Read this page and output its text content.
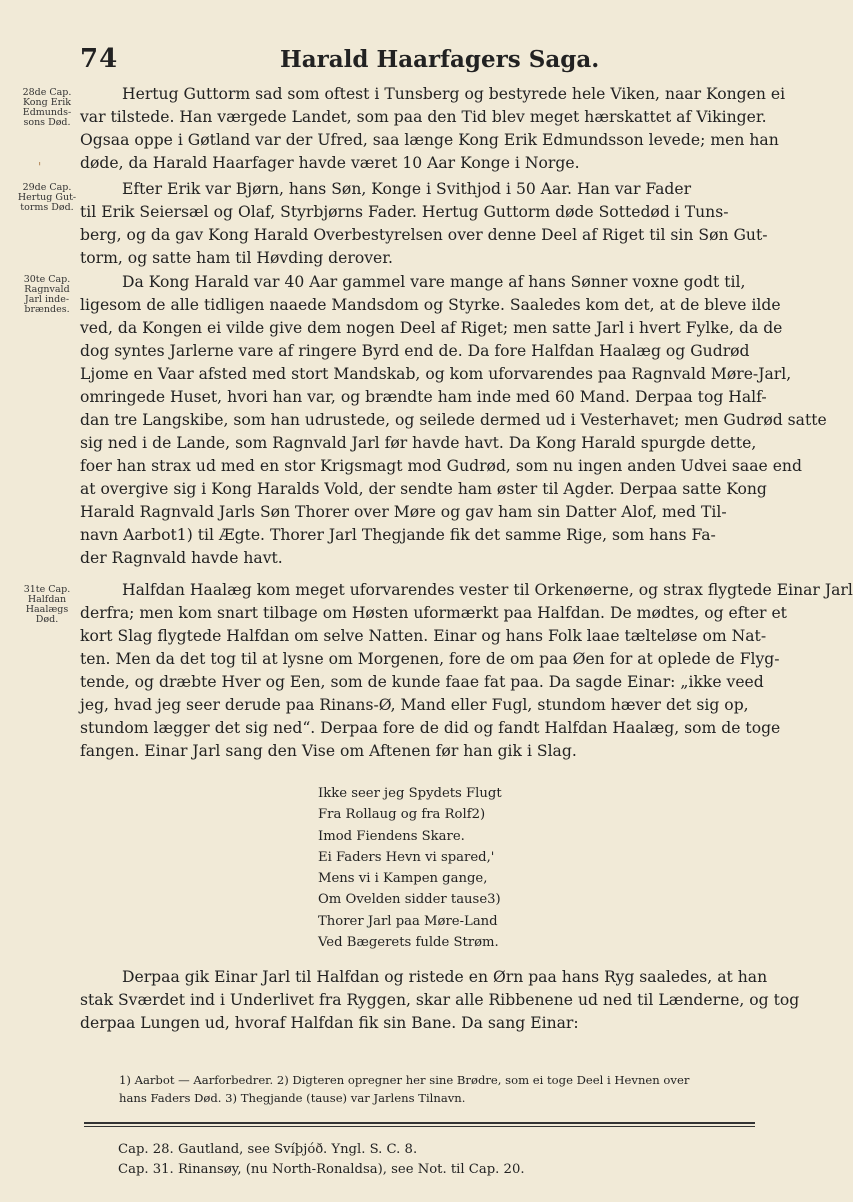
74	Harald Haarfagers Saga.
'
28de Cap.
Kong Erik
Edmunds-
sons Død.
29de Cap.
Hertug Gut-
torms Død.
30te Cap.
Ragnvald
Jarl inde-
brændes.
31te Cap.
Halfdan
Haalægs
Død.
Hertug Guttorm sad som oftest i Tunsberg og bestyrede hele Viken, naar Kongen ei
var tilstede. Han værgede Landet, som paa den Tid blev meget hærskattet af Vikinger.
Ogsaa oppe i Gøtland var der Ufred, saa længe Kong Erik Edmundsson levede; men han
døde, da Harald Haarfager havde været 10 Aar Konge i Norge.
Efter Erik var Bjørn, hans Søn, Konge i Svithjod i 50 Aar. Han var Fader
til Erik Seiersæl og Olaf, Styrbjørns Fader. Hertug Guttorm døde Sottedød i Tuns-
berg, og da gav Kong Harald Overbestyrelsen over denne Deel af Riget til sin Søn Gut-
torm, og satte ham til Høvding derover.
Da Kong Harald var 40 Aar gammel vare mange af hans Sønner voxne godt til,
ligesom de alle tidligen naaede Mandsdom og Styrke. Saaledes kom det, at de bleve ilde
ved, da Kongen ei vilde give dem nogen Deel af Riget; men satte Jarl i hvert Fylke, da de
dog syntes Jarlerne vare af ringere Byrd end de. Da fore Halfdan Haalæg og Gudrød
Ljome en Vaar afsted med stort Mandskab, og kom uforvarendes paa Ragnvald Møre-Jarl,
omringede Huset, hvori han var, og brændte ham inde med 60 Mand. Derpaa tog Half-
dan tre Langskibe, som han udrustede, og seilede dermed ud i Vesterhavet; men Gudrød satte
sig ned i de Lande, som Ragnvald Jarl før havde havt. Da Kong Harald spurgde dette,
foer han strax ud med en stor Krigsmagt mod Gudrød, som nu ingen anden Udvei saae end
at overgive sig i Kong Haralds Vold, der sendte ham øster til Agder. Derpaa satte Kong
Harald Ragnvald Jarls Søn Thorer over Møre og gav ham sin Datter Alof, med Til-
navn Aarbot1) til Ægte. Thorer Jarl Thegjande fik det samme Rige, som hans Fa-
der Ragnvald havde havt.
Halfdan Haalæg kom meget uforvarendes vester til Orkenøerne, og strax flygtede Einar Jarl
derfra; men kom snart tilbage om Høsten uformærkt paa Halfdan. De mødtes, og efter et
kort Slag flygtede Halfdan om selve Natten. Einar og hans Folk laae tælteløse om Nat-
ten. Men da det tog til at lysne om Morgenen, fore de om paa Øen for at oplede de Flyg-
tende, og dræbte Hver og Een, som de kunde faae fat paa. Da sagde Einar: „ikke veed
jeg, hvad jeg seer derude paa Rinans-Ø, Mand eller Fugl, stundom hæver det sig op,
stundom lægger det sig ned“. Derpaa fore de did og fandt Halfdan Haalæg, som de toge
fangen. Einar Jarl sang den Vise om Aftenen før han gik i Slag.
Ikke seer jeg Spydets Flugt
Fra Rollaug og fra Rolf2)
Imod Fiendens Skare.
Ei Faders Hevn vi spared,'
Mens vi i Kampen gange,
Om Ovelden sidder tause3)
Thorer Jarl paa Møre-Land
Ved Bægerets fulde Strøm.
Derpaa gik Einar Jarl til Halfdan og ristede en Ørn paa hans Ryg saaledes, at han
stak Sværdet ind i Underlivet fra Ryggen, skar alle Ribbenene ud ned til Lænderne, og tog
derpaa Lungen ud, hvoraf Halfdan fik sin Bane. Da sang Einar:
1) Aarbot — Aarforbedrer. 2) Digteren opregner her sine Brødre, som ei toge Deel i Hevnen over
hans Faders Død. 3) Thegjande (tause) var Jarlens Tilnavn.
Cap. 28. Gautland, see Svíþjóð. Yngl. S. C. 8.
Cap. 31. Rinansøy, (nu North-Ronaldsa), see Not. til Cap. 20.
